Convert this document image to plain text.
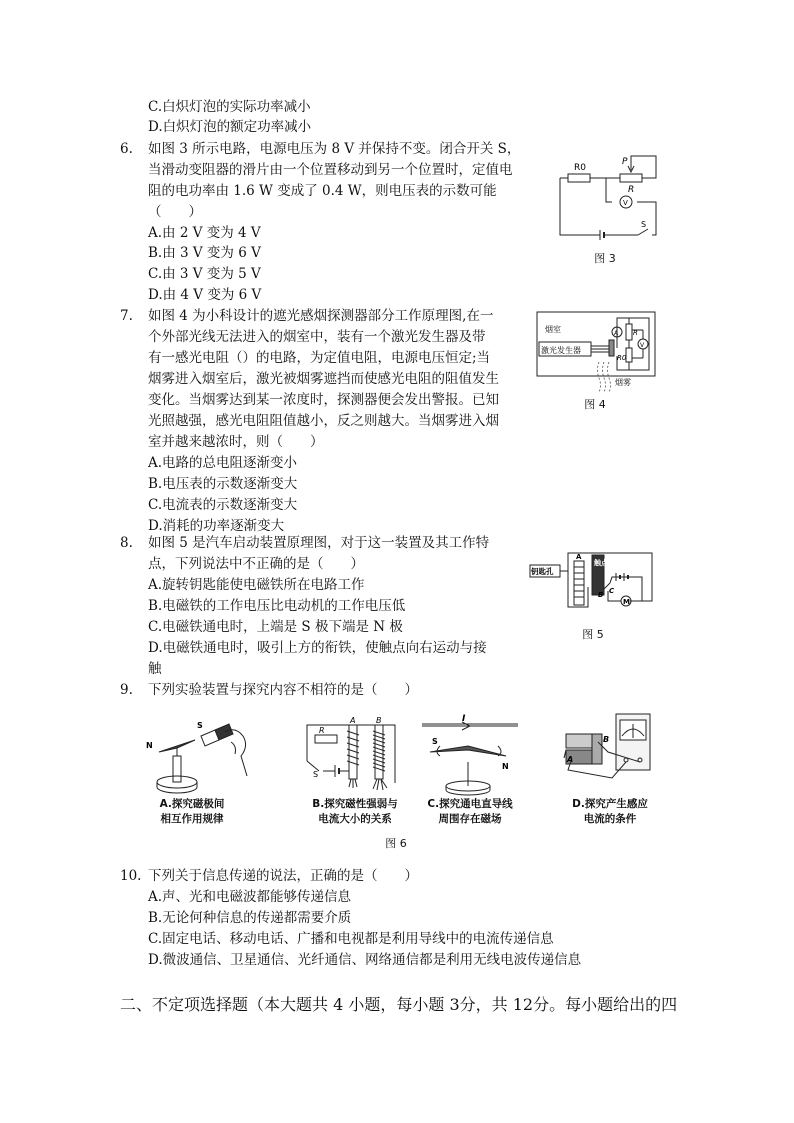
C.白炽灯泡的实际功率减小
D.白炽灯泡的额定功率减小
6. 如图 3 所示电路，电源电压为 8 V 并保持不变。闭合开关 S，
当滑动变阻器的滑片由一个位置移动到另一个位置时，定值电
阻的电功率由 1.6 W 变成了 0.4 W，则电压表的示数可能
（　　）
A.由 2 V 变为 4 V
B.由 3 V 变为 6 V
C.由 3 V 变为 5 V
D.由 4 V 变为 6 V
R0
P
R
V
S
图 3
7. 如图 4 为小科设计的遮光感烟探测器部分工作原理图,在一
个外部光线无法进入的烟室中，装有一个激光发生器及带
有一感光电阻（）的电路，为定值电阻，电源电压恒定;当
烟雾进入烟室后，激光被烟雾遮挡而使感光电阻的阻值发生
变化。当烟雾达到某一浓度时，探测器便会发出警报。已知
光照越强，感光电阻阻值越小，反之则越大。当烟雾进入烟
室并越来越浓时，则（　　）
A.电路的总电阻逐渐变小
B.电压表的示数逐渐变大
C.电流表的示数逐渐变大
D.消耗的功率逐渐变大
烟室
激光发生器
烟雾
A
V
R
R0
图 4
8. 如图 5 是汽车启动装置原理图，对于这一装置及其工作特
点，下列说法中不正确的是（　　）
A.旋转钥匙能使电磁铁所在电路工作
B.电磁铁的工作电压比电动机的工作电压低
C.电磁铁通电时，上端是 S 极下端是 N 极
D.电磁铁通电时，吸引上方的衔铁，使触点向右运动与接
触
钥匙孔
触点
A
B C
M
图 5
9. 下列实验装置与探究内容不相符的是（　　）
N
S
A.探究磁极间
相互作用规律
R
S
A	B
B.探究磁性强弱与
电流大小的关系
I
S
N
C.探究通电直导线
周围存在磁场
A
B
D.探究产生感应
电流的条件
图 6
10. 下列关于信息传递的说法，正确的是（　　）
A.声、光和电磁波都能够传递信息
B.无论何种信息的传递都需要介质
C.固定电话、移动电话、广播和电视都是利用导线中的电流传递信息
D.微波通信、卫星通信、光纤通信、网络通信都是利用无线电波传递信息
二、不定项选择题（本大题共 4 小题，每小题 3分，共 12分。每小题给出的四
